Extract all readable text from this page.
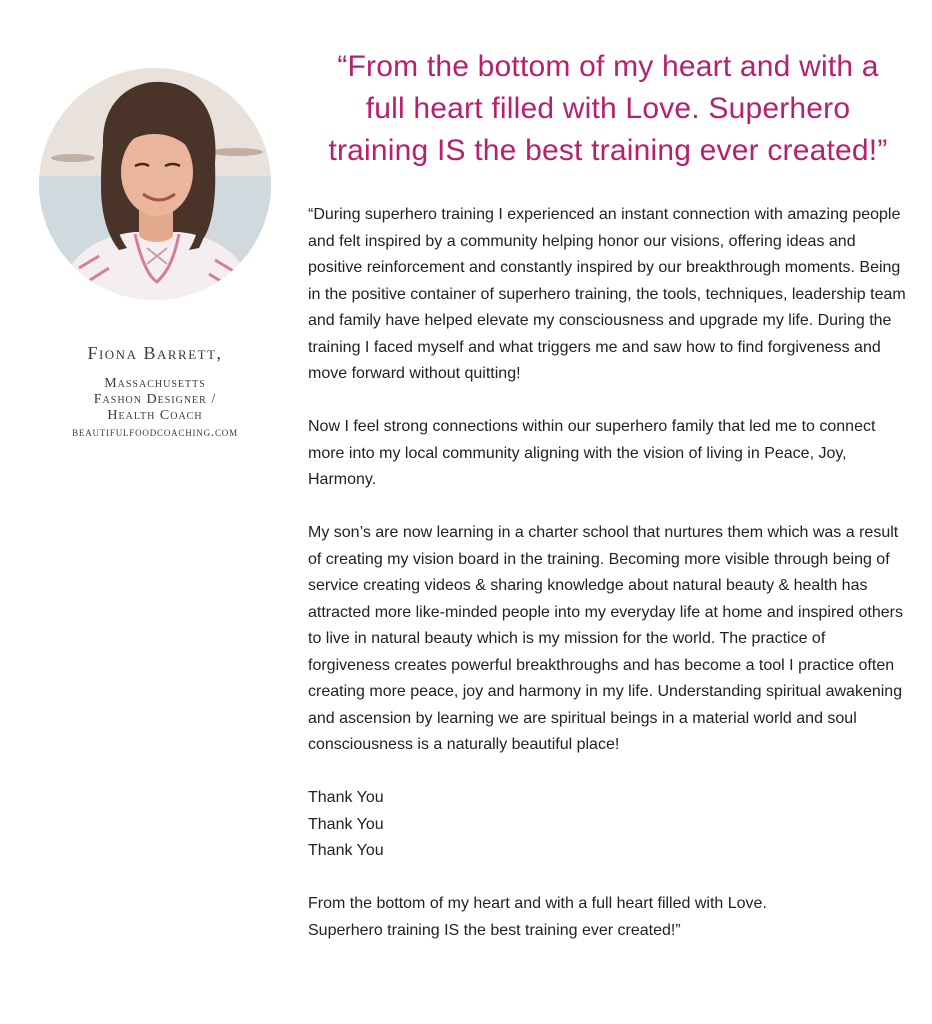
Fiona Barrett,
Massachusetts
Fashon Designer /
Health Coach
beautifulfoodcoaching.com
“From the bottom of my heart and with a
full heart filled with Love. Superhero
training IS the best training ever created!”

“During superhero training I experienced an instant connection with amazing people and felt inspired by a community helping honor our visions, offering ideas and positive reinforcement and constantly inspired by our breakthrough moments. Being in the positive container of superhero training, the tools, techniques, leadership team and family have helped elevate my consciousness and upgrade my life. During the training I faced myself and what triggers me and saw how to find forgiveness and move forward without quitting!

Now I feel strong connections within our superhero family that led me to connect more into my local community aligning with the vision of living in Peace, Joy, Harmony.

My son’s are now learning in a charter school that nurtures them which was a result of creating my vision board in the training. Becoming more visible through being of service creating videos & sharing knowledge about natural beauty & health has attracted more like-minded people into my everyday life at home and inspired others to live in natural beauty which is my mission for the world. The practice of forgiveness creates powerful breakthroughs and has become a tool I practice often creating more peace, joy and harmony in my life. Understanding spiritual awakening and ascension by learning we are spiritual beings in a material world and soul consciousness is a naturally beautiful place!

Thank You
Thank You
Thank You
From the bottom of my heart and with a full heart filled with Love.
Superhero training IS the best training ever created!”
